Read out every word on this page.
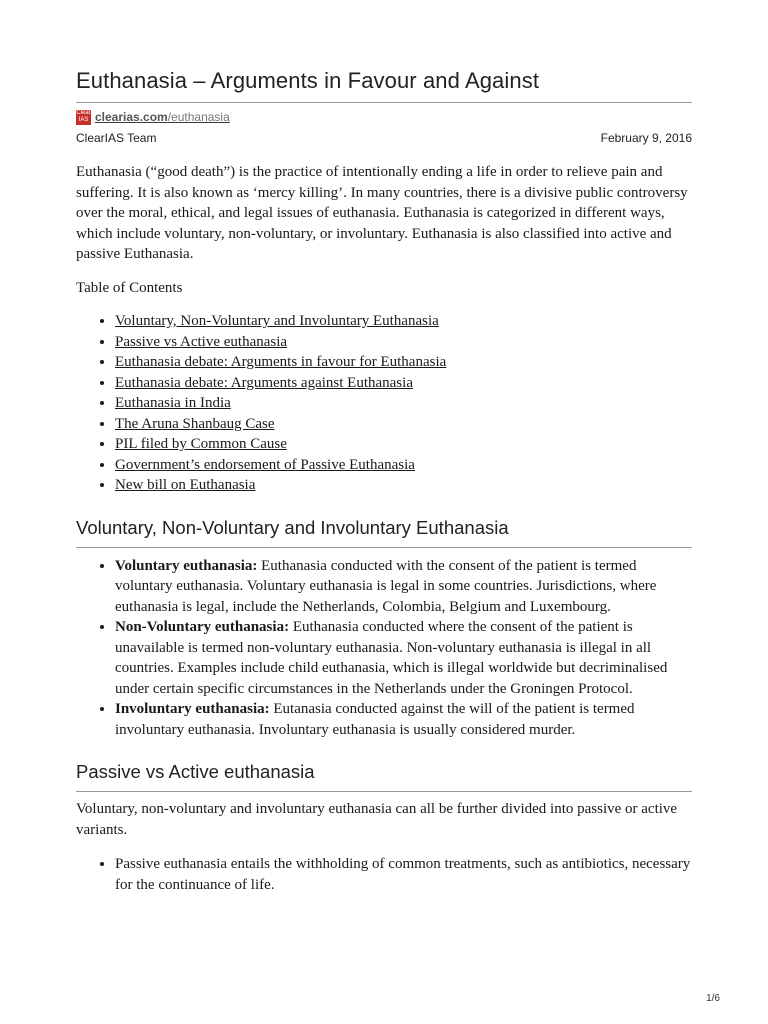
Euthanasia – Arguments in Favour and Against
Clear
IAS clearias.com/euthanasia
ClearIAS Team	February 9, 2016

Euthanasia (“good death”) is the practice of intentionally ending a life in order to relieve pain and suffering. It is also known as ‘mercy killing’. In many countries, there is a divisive public controversy over the moral, ethical, and legal issues of euthanasia. Euthanasia is categorized in different ways, which include voluntary, non-voluntary, or involuntary. Euthanasia is also classified into active and passive Euthanasia.

Table of Contents

• Voluntary, Non-Voluntary and Involuntary Euthanasia
• Passive vs Active euthanasia
• Euthanasia debate: Arguments in favour for Euthanasia
• Euthanasia debate: Arguments against Euthanasia
• Euthanasia in India
• The Aruna Shanbaug Case
• PIL filed by Common Cause
• Government’s endorsement of Passive Euthanasia
• New bill on Euthanasia
Voluntary, Non-Voluntary and Involuntary Euthanasia
• Voluntary euthanasia: Euthanasia conducted with the consent of the patient is termed voluntary euthanasia. Voluntary euthanasia is legal in some countries. Jurisdictions, where euthanasia is legal, include the Netherlands, Colombia, Belgium and Luxembourg.
• Non-Voluntary euthanasia: Euthanasia conducted where the consent of the patient is unavailable is termed non-voluntary euthanasia. Non-voluntary euthanasia is illegal in all countries. Examples include child euthanasia, which is illegal worldwide but decriminalised under certain specific circumstances in the Netherlands under the Groningen Protocol.
• Involuntary euthanasia: Eutanasia conducted against the will of the patient is termed involuntary euthanasia. Involuntary euthanasia is usually considered murder.
Passive vs Active euthanasia

Voluntary, non-voluntary and involuntary euthanasia can all be further divided into passive or active variants.

• Passive euthanasia entails the withholding of common treatments, such as antibiotics, necessary for the continuance of life.
1/6
